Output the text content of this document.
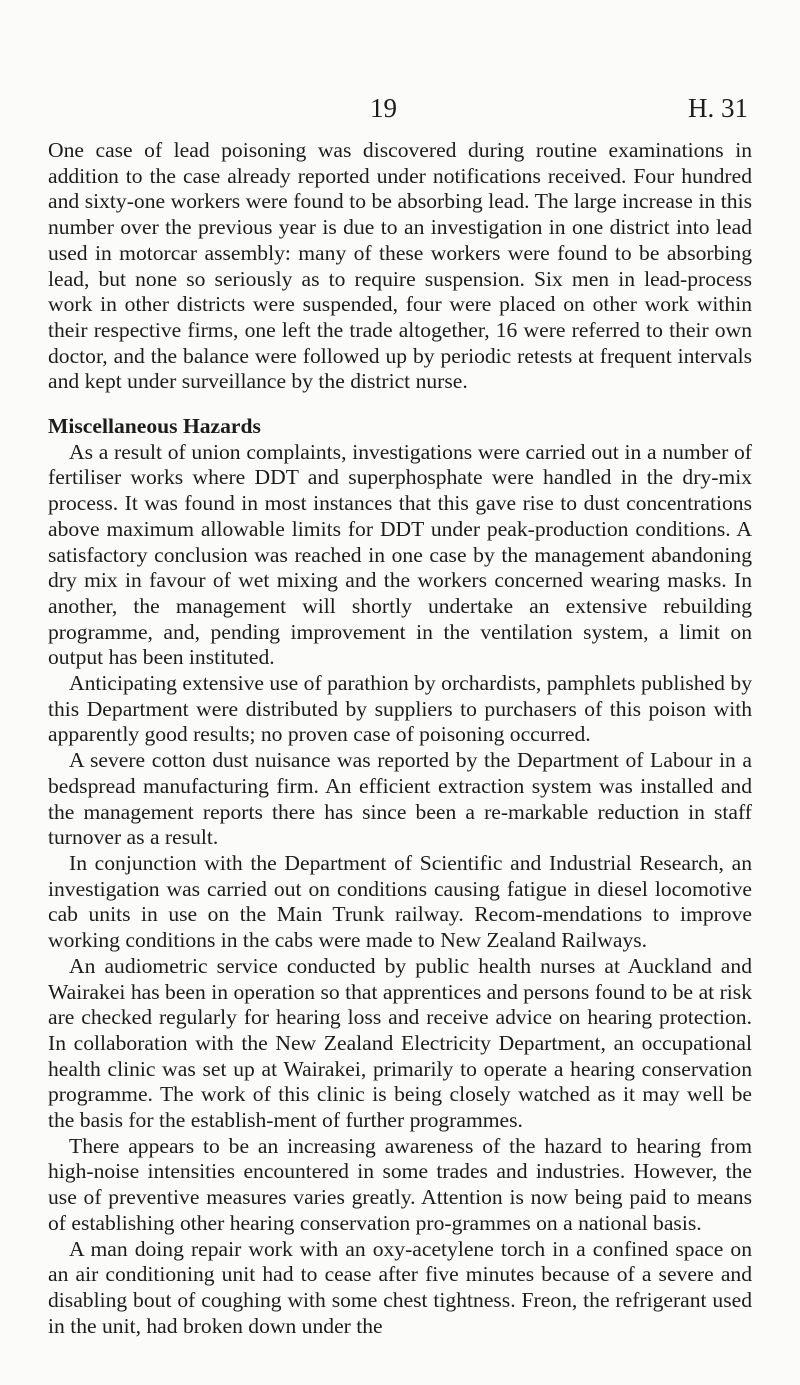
19	H. 31

One case of lead poisoning was discovered during routine examinations in addition to the case already reported under notifications received. Four hundred and sixty-one workers were found to be absorbing lead. The large increase in this number over the previous year is due to an investigation in one district into lead used in motorcar assembly: many of these workers were found to be absorbing lead, but none so seriously as to require suspension. Six men in lead-process work in other districts were suspended, four were placed on other work within their respective firms, one left the trade altogether, 16 were referred to their own doctor, and the balance were followed up by periodic retests at frequent intervals and kept under surveillance by the district nurse.

Miscellaneous Hazards

As a result of union complaints, investigations were carried out in a number of fertiliser works where DDT and superphosphate were handled in the dry-mix process. It was found in most instances that this gave rise to dust concentrations above maximum allowable limits for DDT under peak-production conditions. A satisfactory conclusion was reached in one case by the management abandoning dry mix in favour of wet mixing and the workers concerned wearing masks. In another, the management will shortly undertake an extensive rebuilding programme, and, pending improvement in the ventilation system, a limit on output has been instituted.

Anticipating extensive use of parathion by orchardists, pamphlets published by this Department were distributed by suppliers to purchasers of this poison with apparently good results; no proven case of poisoning occurred.

A severe cotton dust nuisance was reported by the Department of Labour in a bedspread manufacturing firm. An efficient extraction system was installed and the management reports there has since been a re-markable reduction in staff turnover as a result.

In conjunction with the Department of Scientific and Industrial Research, an investigation was carried out on conditions causing fatigue in diesel locomotive cab units in use on the Main Trunk railway. Recom-mendations to improve working conditions in the cabs were made to New Zealand Railways.

An audiometric service conducted by public health nurses at Auckland and Wairakei has been in operation so that apprentices and persons found to be at risk are checked regularly for hearing loss and receive advice on hearing protection. In collaboration with the New Zealand Electricity Department, an occupational health clinic was set up at Wairakei, primarily to operate a hearing conservation programme. The work of this clinic is being closely watched as it may well be the basis for the establish-ment of further programmes.

There appears to be an increasing awareness of the hazard to hearing from high-noise intensities encountered in some trades and industries. However, the use of preventive measures varies greatly. Attention is now being paid to means of establishing other hearing conservation pro-grammes on a national basis.

A man doing repair work with an oxy-acetylene torch in a confined space on an air conditioning unit had to cease after five minutes because of a severe and disabling bout of coughing with some chest tightness. Freon, the refrigerant used in the unit, had broken down under the
